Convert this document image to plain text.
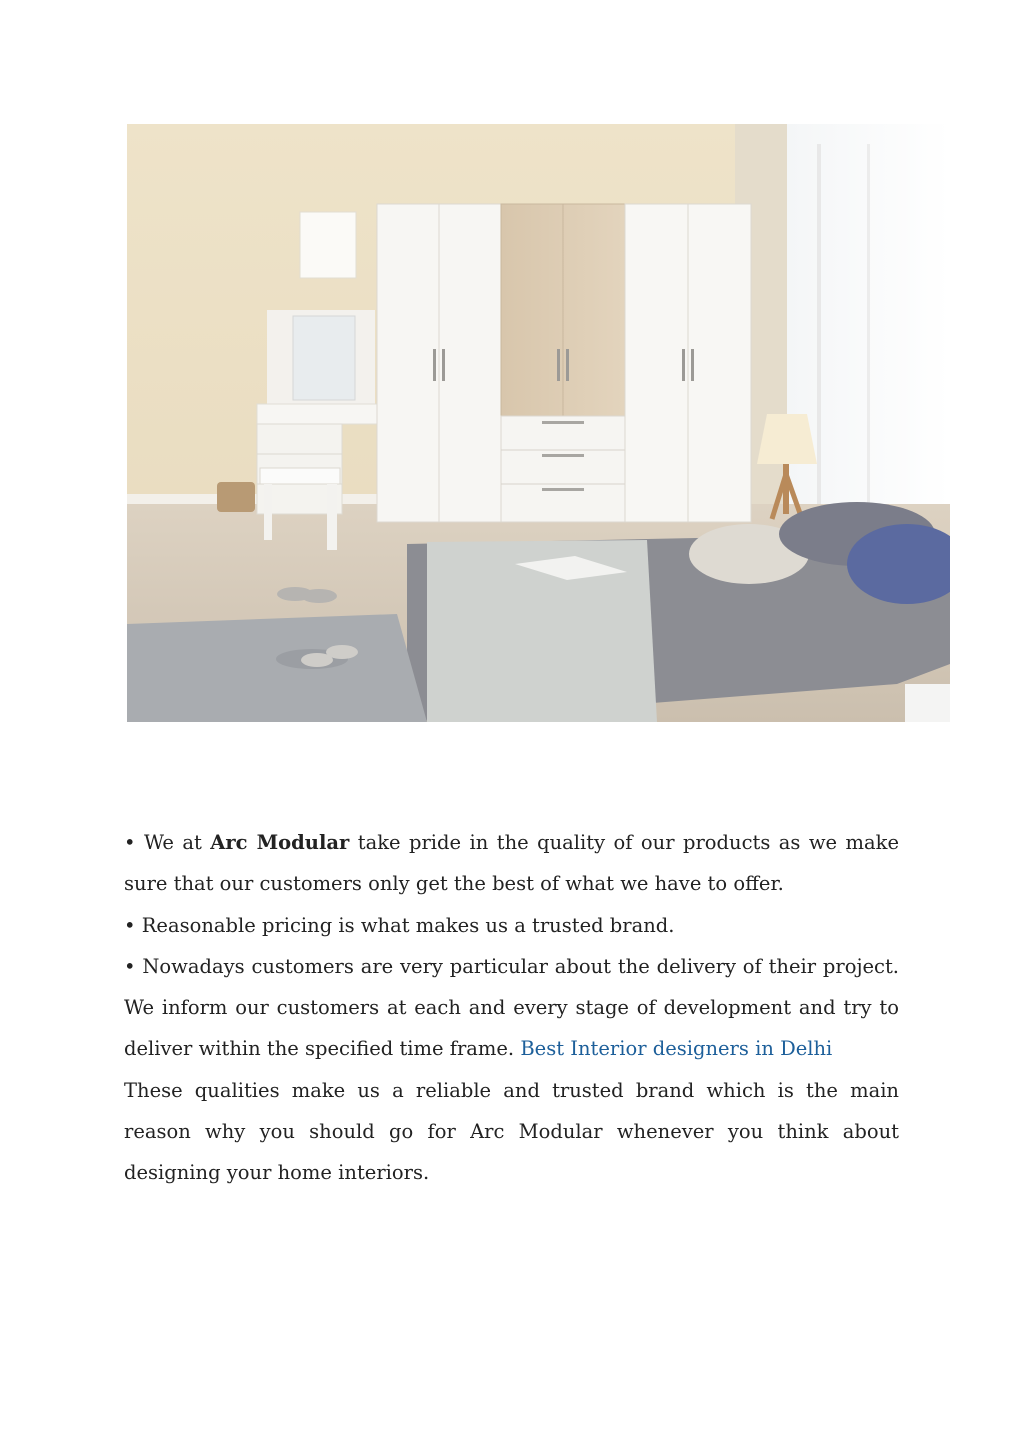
• We at Arc Modular take pride in the quality of our products as we make sure that our customers only get the best of what we have to offer.

• Reasonable pricing is what makes us a trusted brand.

• Nowadays customers are very particular about the delivery of their project. We inform our customers at each and every stage of development and try to deliver within the specified time frame. Best Interior designers in Delhi

These qualities make us a reliable and trusted brand which is the main reason why you should go for Arc Modular whenever you think about designing your home interiors.
